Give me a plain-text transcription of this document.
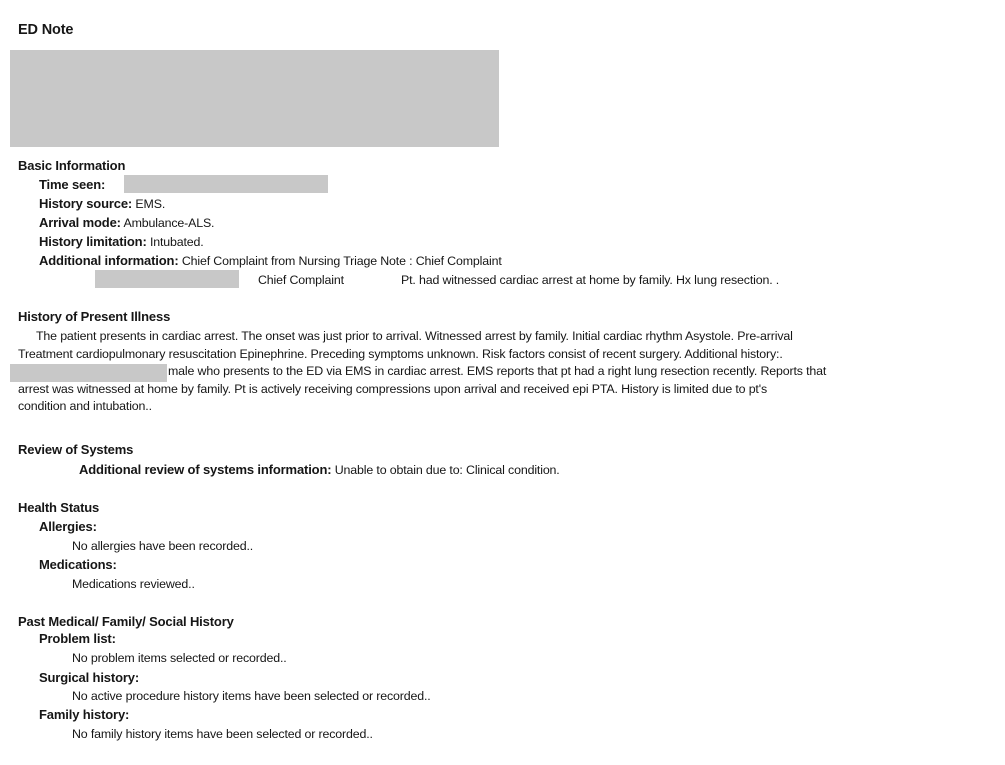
ED Note
Basic Information
Time seen:
History source: EMS.
Arrival mode: Ambulance-ALS.
History limitation: Intubated.
Additional information: Chief Complaint from Nursing Triage Note : Chief Complaint
Chief Complaint	Pt. had witnessed cardiac arrest at home by family. Hx lung resection. .
History of Present Illness
The patient presents in cardiac arrest. The onset was just prior to arrival. Witnessed arrest by family. Initial cardiac rhythm Asystole. Pre-arrival
Treatment cardiopulmonary resuscitation Epinephrine. Preceding symptoms unknown. Risk factors consist of recent surgery. Additional history:.
male who presents to the ED via EMS in cardiac arrest. EMS reports that pt had a right lung resection recently. Reports that
arrest was witnessed at home by family. Pt is actively receiving compressions upon arrival and received epi PTA. History is limited due to pt's
condition and intubation..
Review of Systems
Additional review of systems information: Unable to obtain due to: Clinical condition.
Health Status
Allergies:
No allergies have been recorded..
Medications:
Medications reviewed..
Past Medical/ Family/ Social History
Problem list:
No problem items selected or recorded..
Surgical history:
No active procedure history items have been selected or recorded..
Family history:
No family history items have been selected or recorded..
